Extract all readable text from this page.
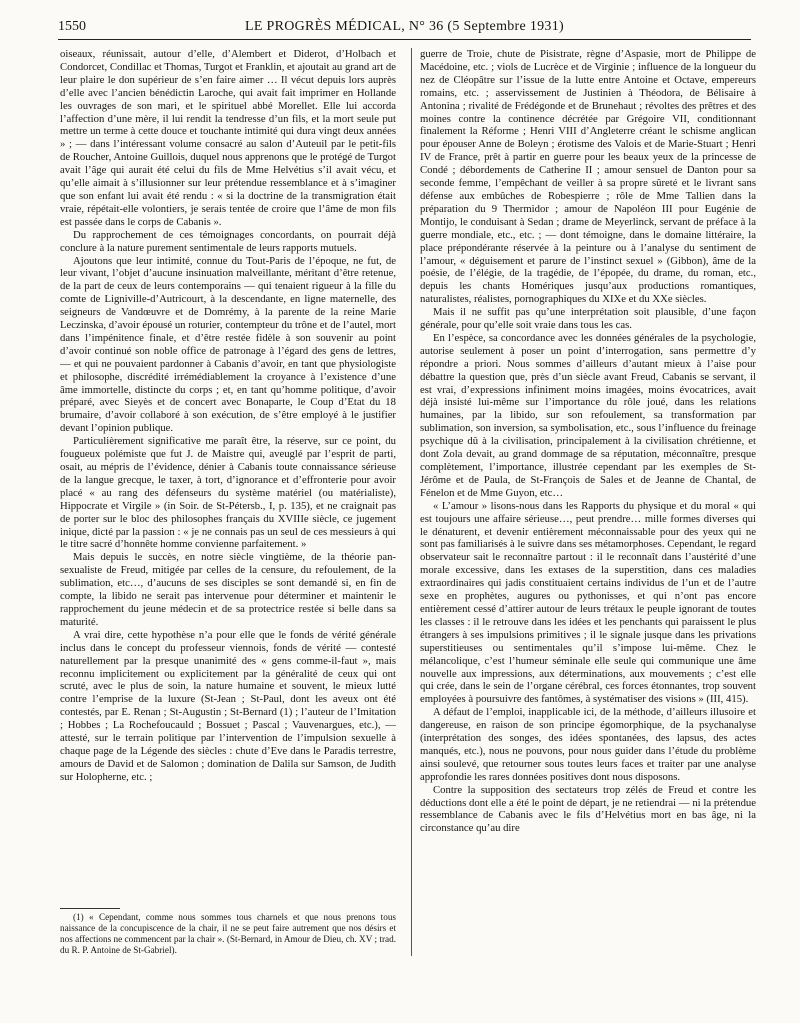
1550	LE PROGRÈS MÉDICAL, N° 36 (5 Septembre 1931)

oiseaux, réunissait, autour d’elle, d’Alembert et Diderot, d’Holbach et Condorcet, Condillac et Thomas, Turgot et Franklin, et ajoutait au grand art de leur plaire le don supérieur de s’en faire aimer … Il vécut depuis lors auprès d’elle avec l’ancien bénédictin Laroche, qui avait fait imprimer en Hollande les ouvrages de son mari, et le spirituel abbé Morellet. Elle lui accorda l’affection d’une mère, il lui rendit la tendresse d’un fils, et la mort seule put mettre un terme à cette douce et touchante intimité qui dura vingt deux années » ; — dans l’intéressant volume consacré au salon d’Auteuil par le petit-fils de Roucher, Antoine Guillois, duquel nous apprenons que le protégé de Turgot avait l’âge qui aurait été celui du fils de Mme Helvétius s’il avait vécu, et qu’elle aimait à s’illusionner sur leur prétendue ressemblance et à s’imaginer que son enfant lui avait été rendu : « si la doctrine de la transmigration était vraie, répétait-elle volontiers, je serais tentée de croire que l’âme de mon fils est passée dans le corps de Cabanis ».

Du rapprochement de ces témoignages concordants, on pourrait déjà conclure à la nature purement sentimentale de leurs rapports mutuels.

Ajoutons que leur intimité, connue du Tout-Paris de l’époque, ne fut, de leur vivant, l’objet d’aucune insinuation malveillante, méritant d’être retenue, de la part de ceux de leurs contemporains — qui tenaient rigueur à la fille du comte de Ligniville-d’Autricourt, à la descendante, en ligne maternelle, des seigneurs de Vandœuvre et de Domrémy, à la parente de la reine Marie Leczinska, d’avoir épousé un roturier, contempteur du trône et de l’autel, mort dans l’impénitence finale, et d’être restée fidèle à son souvenir au point d’avoir continué son noble office de patronage à l’égard des gens de lettres, — et qui ne pouvaient pardonner à Cabanis d’avoir, en tant que physiologiste et philosophe, discrédité irrémédiablement la croyance à l’existence d’une âme immortelle, distincte du corps ; et, en tant qu’homme politique, d’avoir préparé, avec Sieyès et de concert avec Bonaparte, le Coup d’Etat du 18 brumaire, d’avoir collaboré à son exécution, de s’être employé à le justifier devant l’opinion publique.

Particulièrement significative me paraît être, la réserve, sur ce point, du fougueux polémiste que fut J. de Maistre qui, aveuglé par l’esprit de parti, osait, au mépris de l’évidence, dénier à Cabanis toute connaissance sérieuse de la langue grecque, le taxer, à tort, d’ignorance et d’effronterie pour avoir placé « au rang des défenseurs du système matériel (ou matérialiste), Hippocrate et Virgile » (in Soir. de St-Pétersb., I, p. 135), et ne craignait pas de porter sur le bloc des philosophes français du XVIIIe siècle, ce jugement inique, dicté par la passion : « je ne connais pas un seul de ces messieurs à qui le titre sacré d’honnête homme convienne parfaitement. »

Mais depuis le succès, en notre siècle vingtième, de la théorie pan-sexualiste de Freud, mitigée par celles de la censure, du refoulement, de la sublimation, etc…, d’aucuns de ses disciples se sont demandé si, en fin de compte, la libido ne serait pas intervenue pour déterminer et maintenir le rapprochement du jeune médecin et de sa protectrice restée si belle dans sa maturité.

A vrai dire, cette hypothèse n’a pour elle que le fonds de vérité générale inclus dans le concept du professeur viennois, fonds de vérité — contesté naturellement par la presque unanimité des « gens comme-il-faut », mais reconnu implicitement ou explicitement par la généralité de ceux qui ont scruté, avec le plus de soin, la nature humaine et souvent, le mieux lutté contre l’emprise de la luxure (St-Jean ; St-Paul, dont les aveux ont été contestés, par E. Renan ; St-Augustin ; St-Bernard (1) ; l’auteur de l’Imitation ; Hobbes ; La Rochefoucauld ; Bossuet ; Pascal ; Vauvenargues, etc.), — attesté, sur le terrain politique par l’intervention de l’impulsion sexuelle à chaque page de la Légende des siècles : chute d’Eve dans le Paradis terrestre, amours de David et de Salomon ; domination de Dalila sur Samson, de Judith sur Holopherne, etc. ;

guerre de Troie, chute de Pisistrate, règne d’Aspasie, mort de Philippe de Macédoine, etc. ; viols de Lucrèce et de Virginie ; influence de la longueur du nez de Cléopâtre sur l’issue de la lutte entre Antoine et Octave, empereurs romains, etc. ; asservissement de Justinien à Théodora, de Bélisaire à Antonina ; rivalité de Frédégonde et de Brunehaut ; révoltes des prêtres et des moines contre la continence décrétée par Grégoire VII, conditionnant finalement la Réforme ; Henri VIII d’Angleterre créant le schisme anglican pour épouser Anne de Boleyn ; érotisme des Valois et de Marie-Stuart ; Henri IV de France, prêt à partir en guerre pour les beaux yeux de la princesse de Condé ; débordements de Catherine II ; amour sensuel de Danton pour sa seconde femme, l’empêchant de veiller à sa propre sûreté et le livrant sans défense aux embûches de Robespierre ; rôle de Mme Tallien dans la préparation du 9 Thermidor ; amour de Napoléon III pour Eugénie de Montijo, le conduisant à Sedan ; drame de Meyerlinck, servant de préface à la guerre mondiale, etc., etc. ; — dont témoigne, dans le domaine littéraire, la place prépondérante réservée à la peinture ou à l’analyse du sentiment de l’amour, « déguisement et parure de l’instinct sexuel » (Gibbon), âme de la poésie, de l’élégie, de la tragédie, de l’épopée, du drame, du roman, etc., depuis les chants Homériques jusqu’aux productions romantiques, naturalistes, réalistes, pornographiques du XIXe et du XXe siècles.

Mais il ne suffit pas qu’une interprétation soit plausible, d’une façon générale, pour qu’elle soit vraie dans tous les cas.

En l’espèce, sa concordance avec les données générales de la psychologie, autorise seulement à poser un point d’interrogation, sans permettre d’y répondre a priori. Nous sommes d’ailleurs d’autant mieux à l’aise pour débattre la question que, près d’un siècle avant Freud, Cabanis se servant, il est vrai, d’expressions infiniment moins imagées, moins évocatrices, avait déjà insisté lui-même sur l’importance du rôle joué, dans les relations humaines, par la libido, sur son refoulement, sa transformation par sublimation, son inversion, sa symbolisation, etc., sous l’influence du freinage psychique dû à la civilisation, principalement à la civilisation chrétienne, et dont Zola devait, au grand dommage de sa réputation, méconnaître, presque complètement, l’importance, illustrée cependant par les exemples de St-Jérôme et de Paula, de St-François de Sales et de Jeanne de Chantal, de Fénelon et de Mme Guyon, etc…

« L’amour » lisons-nous dans les Rapports du physique et du moral « qui est toujours une affaire sérieuse…, peut prendre… mille formes diverses qui le dénaturent, et devenir entièrement méconnaissable pour des yeux qui ne sont pas familiarisés à le suivre dans ses métamorphoses. Cependant, le regard observateur sait le reconnaître partout : il le reconnaît dans l’austérité d’une morale excessive, dans les extases de la superstition, dans ces maladies extraordinaires qui jadis constituaient certains individus de l’un et de l’autre sexe en prophètes, augures ou pythonisses, et qui n’ont pas encore entièrement cessé d’attirer autour de leurs trétaux le peuple ignorant de toutes les classes : il le retrouve dans les idées et les penchants qui paraissent le plus étrangers à ses impulsions primitives ; il le signale jusque dans les privations superstitieuses ou sentimentales qu’il s’impose lui-même. Chez le mélancolique, c’est l’humeur séminale elle seule qui communique une âme nouvelle aux impressions, aux déterminations, aux mouvements ; c’est elle qui crée, dans le sein de l’organe cérébral, ces forces étonnantes, trop souvent employées à poursuivre des fantômes, à systématiser des visions » (III, 415).

A défaut de l’emploi, inapplicable ici, de la méthode, d’ailleurs illusoire et dangereuse, en raison de son principe égomorphique, de la psychanalyse (interprétation des songes, des idées spontanées, des lapsus, des actes manqués, etc.), nous ne pouvons, pour nous guider dans l’étude du problème ainsi soulevé, que retourner sous toutes leurs faces et traiter par une analyse approfondie les rares données positives dont nous disposons.

Contre la supposition des sectateurs trop zélés de Freud et contre les déductions dont elle a été le point de départ, je ne retiendrai — ni la prétendue ressemblance de Cabanis avec le fils d’Helvétius mort en bas âge, ni la circonstance qu’au dire

(1) « Cependant, comme nous sommes tous charnels et que nous prenons tous naissance de la concupiscence de la chair, il ne se peut faire autrement que nos désirs et nos affections ne commencent par la chair ». (St-Bernard, in Amour de Dieu, ch. XV ; trad. du R. P. Antoine de St-Gabriel).
